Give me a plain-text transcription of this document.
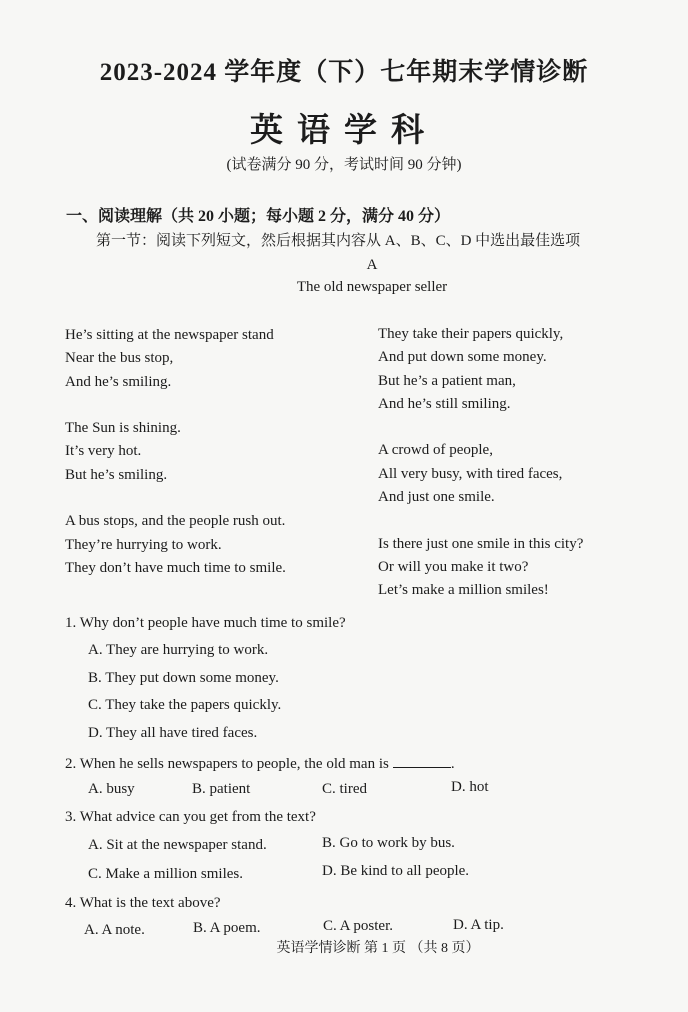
2023-2024 学年度（下）七年期末学情诊断
英语学科
(试卷满分 90 分，考试时间 90 分钟)
一、阅读理解（共 20 小题；每小题 2 分，满分 40 分）
第一节：阅读下列短文，然后根据其内容从 A、B、C、D 中选出最佳选项
A
The old newspaper seller
He’s sitting at the newspaper stand
Near the bus stop,
And he’s smiling.
The Sun is shining.
It’s very hot.
But he’s smiling.
A bus stops, and the people rush out.
They’re hurrying to work.
They don’t have much time to smile.
They take their papers quickly,
And put down some money.
But he’s a patient man,
And he’s still smiling.
A crowd of people,
All very busy, with tired faces,
And just one smile.
Is there just one smile in this city?
Or will you make it two?
Let’s make a million smiles!
1. Why don’t people have much time to smile?
A. They are hurrying to work.
B. They put down some money.
C. They take the papers quickly.
D. They all have tired faces.
2. When he sells newspapers to people, the old man is	.
A. busy	B. patient	C. tired	D. hot
3. What advice can you get from the text?
A. Sit at the newspaper stand.	B. Go to work by bus.
C. Make a million smiles.	D. Be kind to all people.
4. What is the text above?
A. A note.	B. A poem.	C. A poster.	D. A tip.
英语学情诊断 第 1 页 （共 8 页）
